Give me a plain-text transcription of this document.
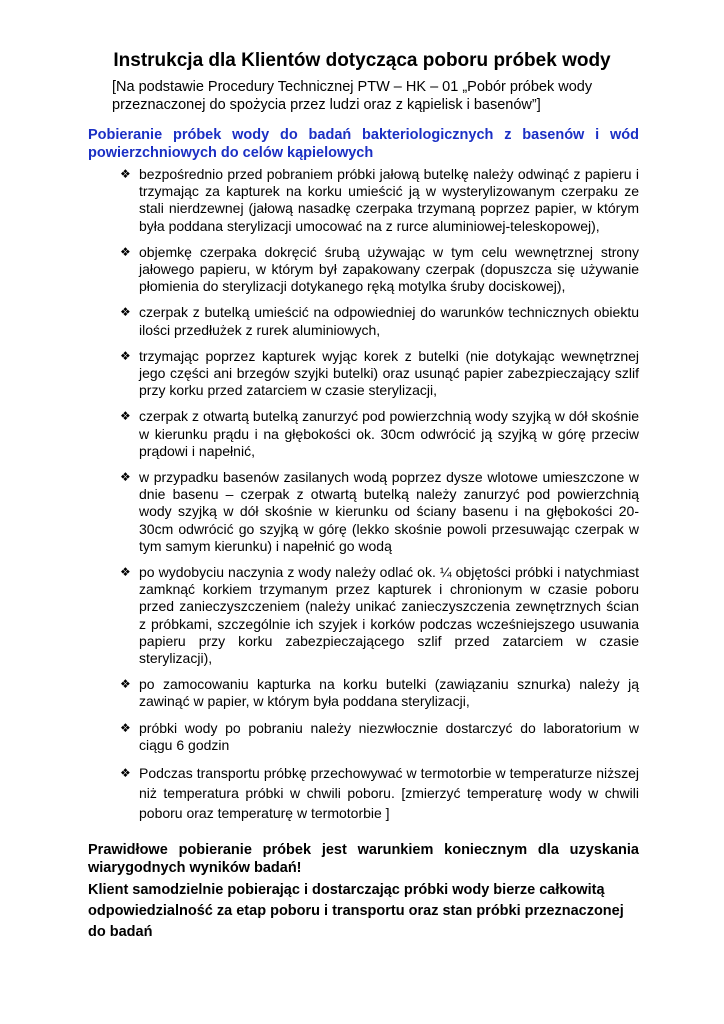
Instrukcja dla Klientów dotycząca poboru próbek wody

[Na podstawie Procedury Technicznej PTW – HK – 01 „Pobór próbek wody przeznaczonej do spożycia przez ludzi oraz z kąpielisk i basenów”]

Pobieranie próbek wody do badań bakteriologicznych z basenów i wód powierzchniowych do celów kąpielowych
❖ bezpośrednio przed pobraniem próbki jałową butelkę należy odwinąć z papieru i trzymając za kapturek na korku umieścić ją w wysterylizowanym czerpaku ze stali nierdzewnej (jałową nasadkę czerpaka trzymaną poprzez papier, w którym była poddana sterylizacji umocować na z rurce aluminiowej-teleskopowej),
❖ objemkę czerpaka dokręcić śrubą używając w tym celu wewnętrznej strony jałowego papieru, w którym był zapakowany czerpak (dopuszcza się używanie płomienia do sterylizacji dotykanego ręką motylka śruby dociskowej),
❖ czerpak z butelką umieścić na odpowiedniej do warunków technicznych obiektu ilości przedłużek z rurek aluminiowych,
❖ trzymając poprzez kapturek wyjąc korek z butelki (nie dotykając wewnętrznej jego części ani brzegów szyjki butelki) oraz usunąć papier zabezpieczający szlif przy korku przed zatarciem w czasie sterylizacji,
❖ czerpak z otwartą butelką zanurzyć pod powierzchnią wody szyjką w dół skośnie w kierunku prądu i na głębokości ok. 30cm odwrócić ją szyjką w górę przeciw prądowi i napełnić,
❖ w przypadku basenów zasilanych wodą poprzez dysze wlotowe umieszczone w dnie basenu – czerpak z otwartą butelką należy zanurzyć pod powierzchnią wody szyjką w dół skośnie w kierunku od ściany basenu i na głębokości 20-30cm odwrócić go szyjką w górę (lekko skośnie powoli przesuwając czerpak w tym samym kierunku) i napełnić go wodą
❖ po wydobyciu naczynia z wody należy odlać ok. ¼ objętości próbki i natychmiast zamknąć korkiem trzymanym przez kapturek i chronionym w czasie poboru przed zanieczyszczeniem (należy unikać zanieczyszczenia zewnętrznych ścian z próbkami, szczególnie ich szyjek i korków podczas wcześniejszego usuwania papieru przy korku zabezpieczającego szlif przed zatarciem w czasie sterylizacji),
❖ po zamocowaniu kapturka na korku butelki (zawiązaniu sznurka) należy ją zawinąć w papier, w którym była poddana sterylizacji,
❖ próbki wody po pobraniu należy niezwłocznie dostarczyć do laboratorium w ciągu 6 godzin
❖ Podczas transportu próbkę przechowywać w termotorbie w temperaturze niższej niż temperatura próbki w chwili poboru. [zmierzyć temperaturę wody w chwili poboru oraz temperaturę w termotorbie ]

Prawidłowe pobieranie próbek jest warunkiem koniecznym dla uzyskania wiarygodnych wyników badań!

Klient samodzielnie pobierając i dostarczając próbki wody bierze całkowitą odpowiedzialność za etap poboru i transportu oraz stan próbki przeznaczonej do badań
